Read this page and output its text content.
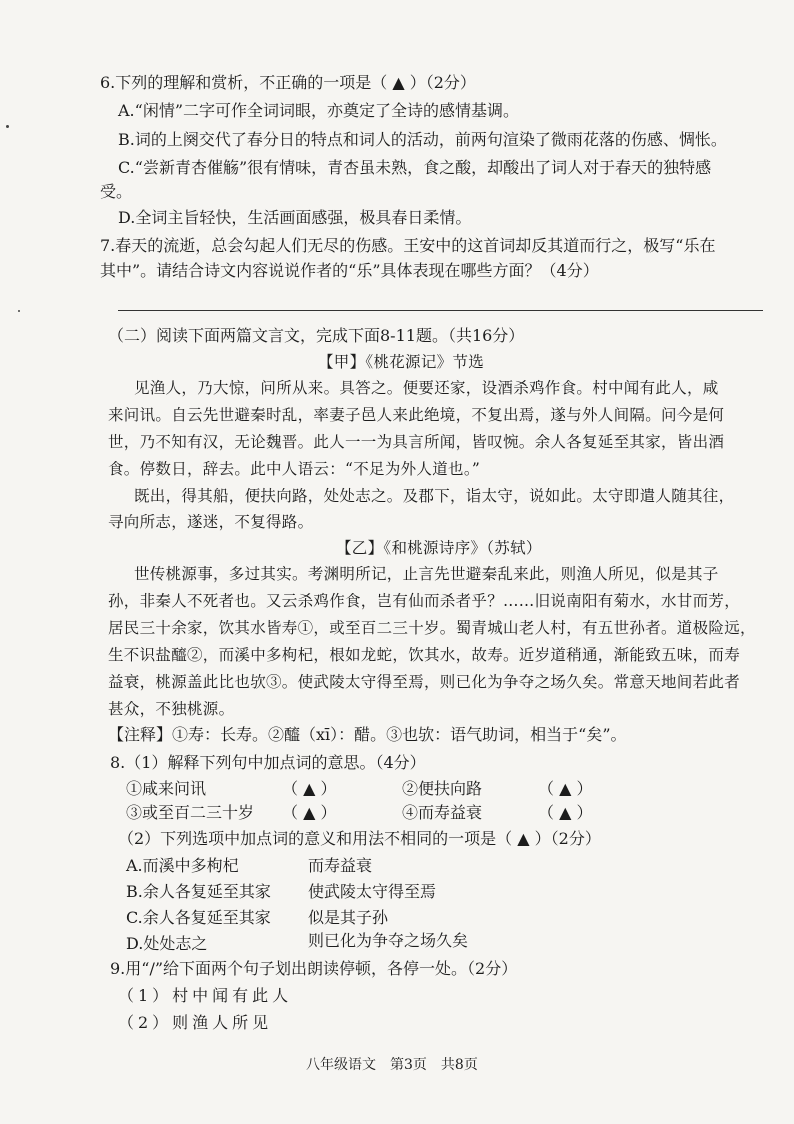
6.下列的理解和赏析，不正确的一项是（ ▲ ）（2分）
A.“闲情”二字可作全词词眼，亦奠定了全诗的感情基调。
B.词的上阕交代了春分日的特点和词人的活动，前两句渲染了微雨花落的伤感、惆怅。
C.“尝新青杏催觞”很有情味，青杏虽未熟，食之酸，却酸出了词人对于春天的独特感
受。
D.全词主旨轻快，生活画面感强，极具春日柔情。
7.春天的流逝，总会勾起人们无尽的伤感。王安中的这首词却反其道而行之，极写“乐在
其中”。请结合诗文内容说说作者的“乐”具体表现在哪些方面？（4分）
（二）阅读下面两篇文言文，完成下面8-11题。（共16分）
【甲】《桃花源记》节选
见渔人，乃大惊，问所从来。具答之。便要还家，设酒杀鸡作食。村中闻有此人，咸
来问讯。自云先世避秦时乱，率妻子邑人来此绝境，不复出焉，遂与外人间隔。问今是何
世，乃不知有汉，无论魏晋。此人一一为具言所闻，皆叹惋。余人各复延至其家，皆出酒
食。停数日，辞去。此中人语云：“不足为外人道也。”
既出，得其船，便扶向路，处处志之。及郡下，诣太守，说如此。太守即遣人随其往，
寻向所志，遂迷，不复得路。
【乙】《和桃源诗序》（苏轼）
世传桃源事，多过其实。考渊明所记，止言先世避秦乱来此，则渔人所见，似是其子
孙，非秦人不死者也。又云杀鸡作食，岂有仙而杀者乎？……旧说南阳有菊水，水甘而芳，
居民三十余家，饮其水皆寿①，或至百二三十岁。蜀青城山老人村，有五世孙者。道极险远，
生不识盐醯②，而溪中多枸杞，根如龙蛇，饮其水，故寿。近岁道稍通，渐能致五味，而寿
益衰，桃源盖此比也欤③。使武陵太守得至焉，则已化为争夺之场久矣。常意天地间若此者
甚众，不独桃源。
【注释】①寿：长寿。②醯（xī）：醋。③也欤：语气助词，相当于“矣”。
8.（1）解释下列句中加点词的意思。（4分）
①咸来问讯	（ ▲ ）	②便扶向路	（ ▲ ）
③或至百二三十岁 （ ▲ ）	④而寿益衰	（ ▲ ）
（2）下列选项中加点词的意义和用法不相同的一项是（ ▲ ）（2分）
A.而溪中多枸杞	而寿益衰
B.余人各复延至其家 使武陵太守得至焉
C.余人各复延至其家 似是其子孙
D.处处志之	则已化为争夺之场久矣
9.用“/”给下面两个句子划出朗读停顿，各停一处。（2分）
（1）村中闻有此人
（2）则渔人所见
八年级语文　第3页　共8页
